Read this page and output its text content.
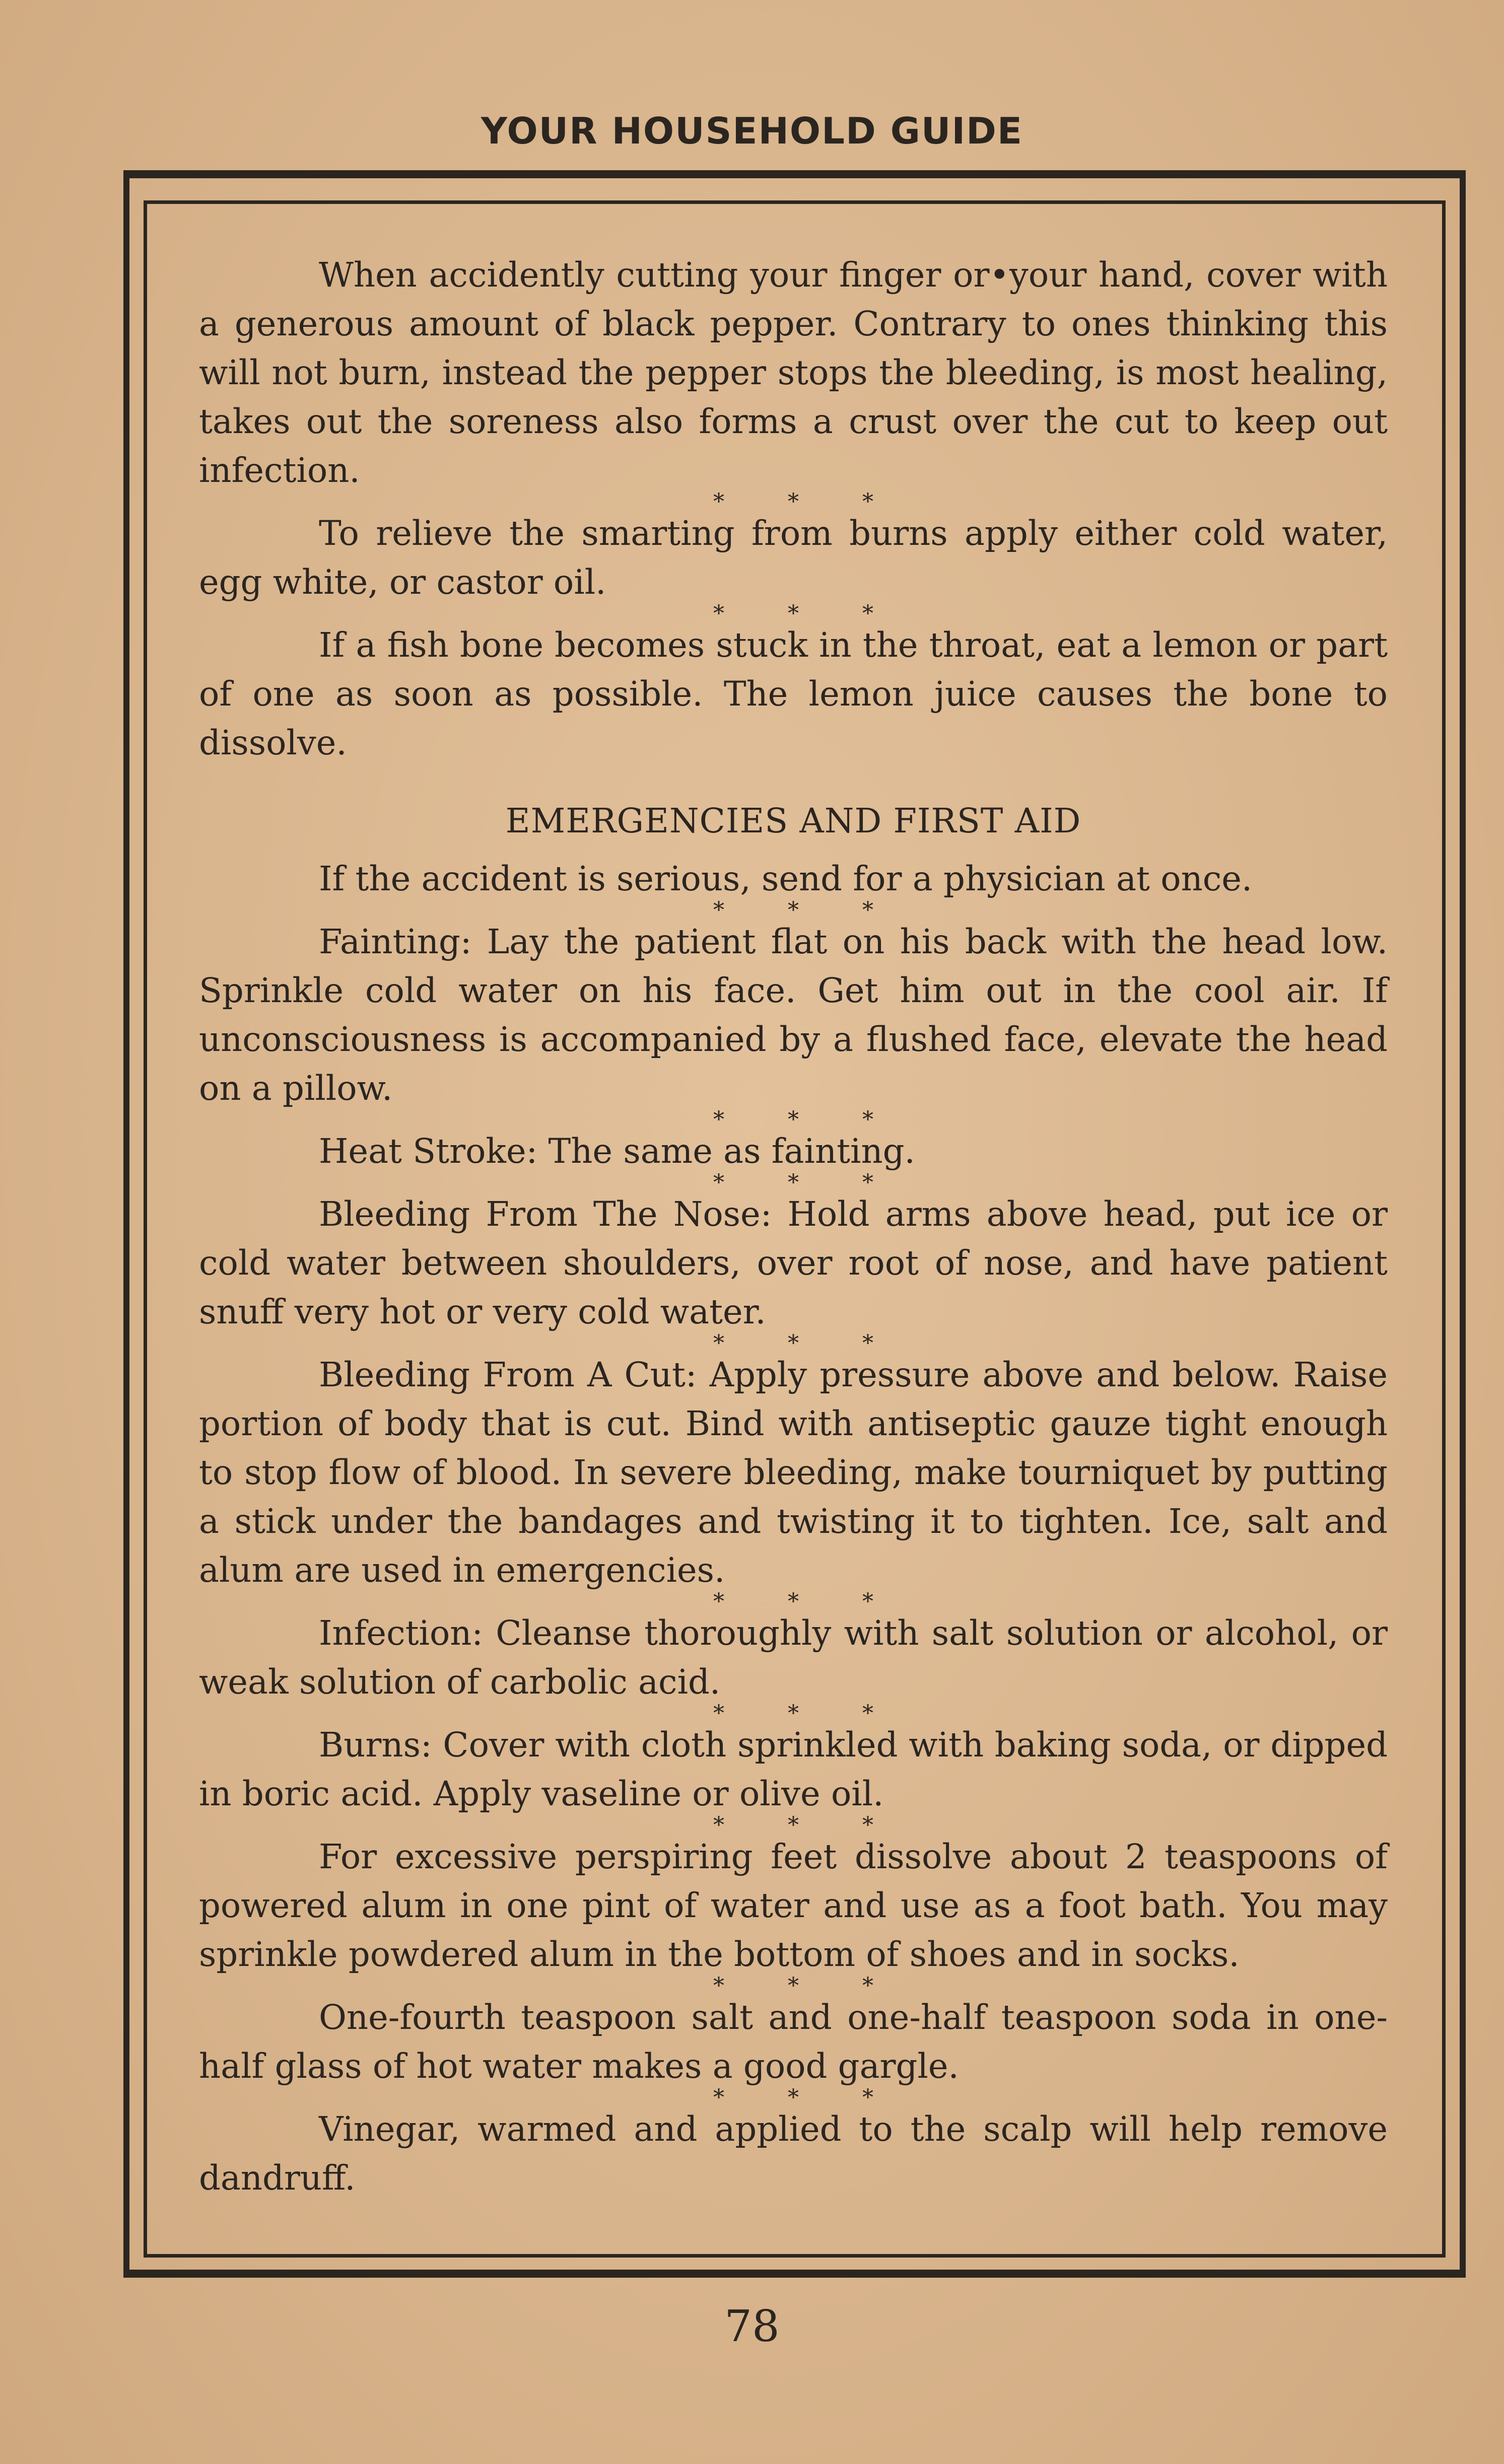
YOUR HOUSEHOLD GUIDE

When accidently cutting your finger or•your hand, cover with a generous amount of black pepper. Contrary to ones thinking this will not burn, instead the pepper stops the bleeding, is most healing, takes out the soreness also forms a crust over the cut to keep out infection.

* * *

To relieve the smarting from burns apply either cold water, egg white, or castor oil.

* * *

If a fish bone becomes stuck in the throat, eat a lemon or part of one as soon as possible. The lemon juice causes the bone to dissolve.

EMERGENCIES AND FIRST AID

If the accident is serious, send for a physician at once.

* * *

Fainting: Lay the patient flat on his back with the head low. Sprinkle cold water on his face. Get him out in the cool air. If unconsciousness is accompanied by a flushed face, elevate the head on a pillow.

* * *

Heat Stroke: The same as fainting.

* * *

Bleeding From The Nose: Hold arms above head, put ice or cold water between shoulders, over root of nose, and have patient snuff very hot or very cold water.

* * *

Bleeding From A Cut: Apply pressure above and below. Raise portion of body that is cut. Bind with antiseptic gauze tight enough to stop flow of blood. In severe bleeding, make tourniquet by putting a stick under the bandages and twisting it to tighten. Ice, salt and alum are used in emergencies.

* * *

Infection: Cleanse thoroughly with salt solution or alcohol, or weak solution of carbolic acid.

* * *

Burns: Cover with cloth sprinkled with baking soda, or dipped in boric acid. Apply vaseline or olive oil.

* * *

For excessive perspiring feet dissolve about 2 teaspoons of powered alum in one pint of water and use as a foot bath. You may sprinkle powdered alum in the bottom of shoes and in socks.

* * *

One-fourth teaspoon salt and one-half teaspoon soda in one-half glass of hot water makes a good gargle.

* * *

Vinegar, warmed and applied to the scalp will help remove dandruff.

78
